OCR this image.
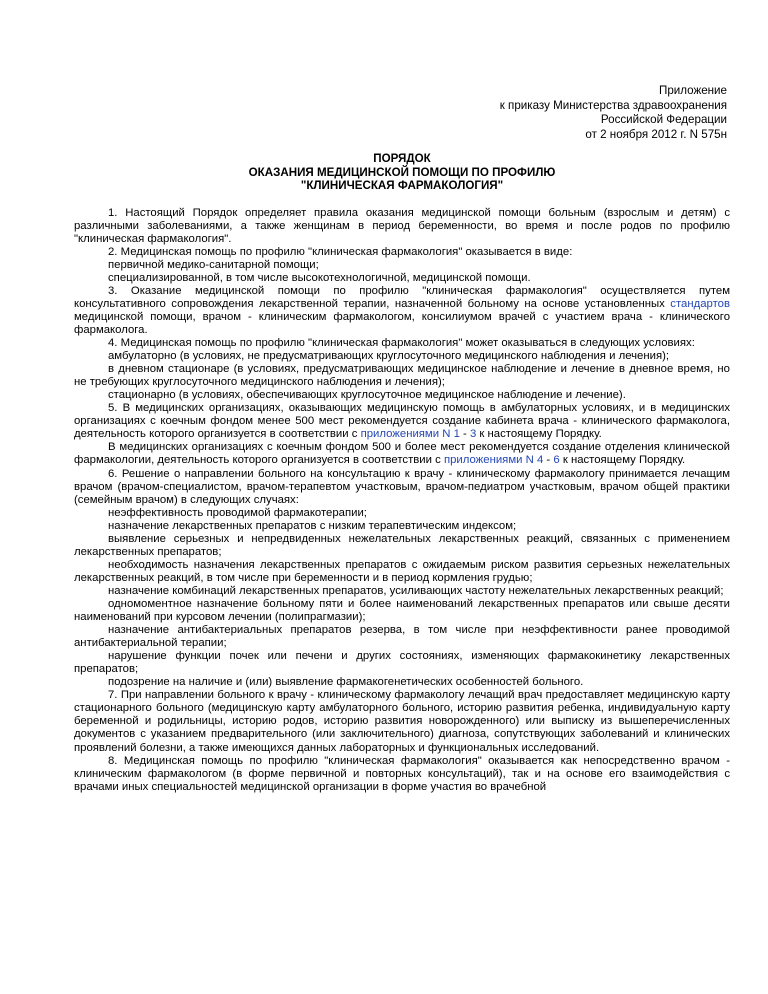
Приложение
к приказу Министерства здравоохранения
Российской Федерации
от 2 ноября 2012 г. N 575н
ПОРЯДОК
ОКАЗАНИЯ МЕДИЦИНСКОЙ ПОМОЩИ ПО ПРОФИЛЮ
"КЛИНИЧЕСКАЯ ФАРМАКОЛОГИЯ"

1. Настоящий Порядок определяет правила оказания медицинской помощи больным (взрослым и детям) с различными заболеваниями, а также женщинам в период беременности, во время и после родов по профилю "клиническая фармакология".

2. Медицинская помощь по профилю "клиническая фармакология" оказывается в виде:

первичной медико-санитарной помощи;

специализированной, в том числе высокотехнологичной, медицинской помощи.

3. Оказание медицинской помощи по профилю "клиническая фармакология" осуществляется путем консультативного сопровождения лекарственной терапии, назначенной больному на основе установленных стандартов медицинской помощи, врачом - клиническим фармакологом, консилиумом врачей с участием врача - клинического фармаколога.

4. Медицинская помощь по профилю "клиническая фармакология" может оказываться в следующих условиях:

амбулаторно (в условиях, не предусматривающих круглосуточного медицинского наблюдения и лечения);

в дневном стационаре (в условиях, предусматривающих медицинское наблюдение и лечение в дневное время, но не требующих круглосуточного медицинского наблюдения и лечения);

стационарно (в условиях, обеспечивающих круглосуточное медицинское наблюдение и лечение).

5. В медицинских организациях, оказывающих медицинскую помощь в амбулаторных условиях, и в медицинских организациях с коечным фондом менее 500 мест рекомендуется создание кабинета врача - клинического фармаколога, деятельность которого организуется в соответствии с приложениями N 1 - 3 к настоящему Порядку.

В медицинских организациях с коечным фондом 500 и более мест рекомендуется создание отделения клинической фармакологии, деятельность которого организуется в соответствии с приложениями N 4 - 6 к настоящему Порядку.

6. Решение о направлении больного на консультацию к врачу - клиническому фармакологу принимается лечащим врачом (врачом-специалистом, врачом-терапевтом участковым, врачом-педиатром участковым, врачом общей практики (семейным врачом) в следующих случаях:

неэффективность проводимой фармакотерапии;

назначение лекарственных препаратов с низким терапевтическим индексом;

выявление серьезных и непредвиденных нежелательных лекарственных реакций, связанных с применением лекарственных препаратов;

необходимость назначения лекарственных препаратов с ожидаемым риском развития серьезных нежелательных лекарственных реакций, в том числе при беременности и в период кормления грудью;

назначение комбинаций лекарственных препаратов, усиливающих частоту нежелательных лекарственных реакций;

одномоментное назначение больному пяти и более наименований лекарственных препаратов или свыше десяти наименований при курсовом лечении (полипрагмазии);

назначение антибактериальных препаратов резерва, в том числе при неэффективности ранее проводимой антибактериальной терапии;

нарушение функции почек или печени и других состояниях, изменяющих фармакокинетику лекарственных препаратов;

подозрение на наличие и (или) выявление фармакогенетических особенностей больного.

7. При направлении больного к врачу - клиническому фармакологу лечащий врач предоставляет медицинскую карту стационарного больного (медицинскую карту амбулаторного больного, историю развития ребенка, индивидуальную карту беременной и родильницы, историю родов, историю развития новорожденного) или выписку из вышеперечисленных документов с указанием предварительного (или заключительного) диагноза, сопутствующих заболеваний и клинических проявлений болезни, а также имеющихся данных лабораторных и функциональных исследований.

8. Медицинская помощь по профилю "клиническая фармакология" оказывается как непосредственно врачом - клиническим фармакологом (в форме первичной и повторных консультаций), так и на основе его взаимодействия с врачами иных специальностей медицинской организации в форме участия во врачебной
